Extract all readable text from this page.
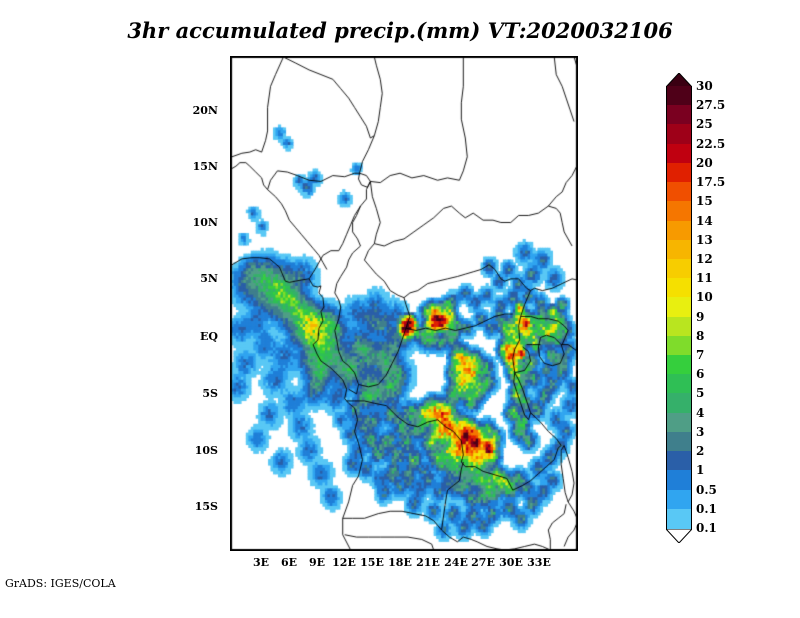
3hr accumulated precip.(mm) VT:2020032106
20N
15N
10N
5N
EQ
5S
10S
15S
3E	6E	9E 12E 15E 18E 21E 24E 27E 30E 33E
30
27.5
25
22.5
20
17.5
15
14
13
12
11
10
9
8
7
6
5
4
3
2
1
0.5
0.1
0.1
GrADS: IGES/COLA
